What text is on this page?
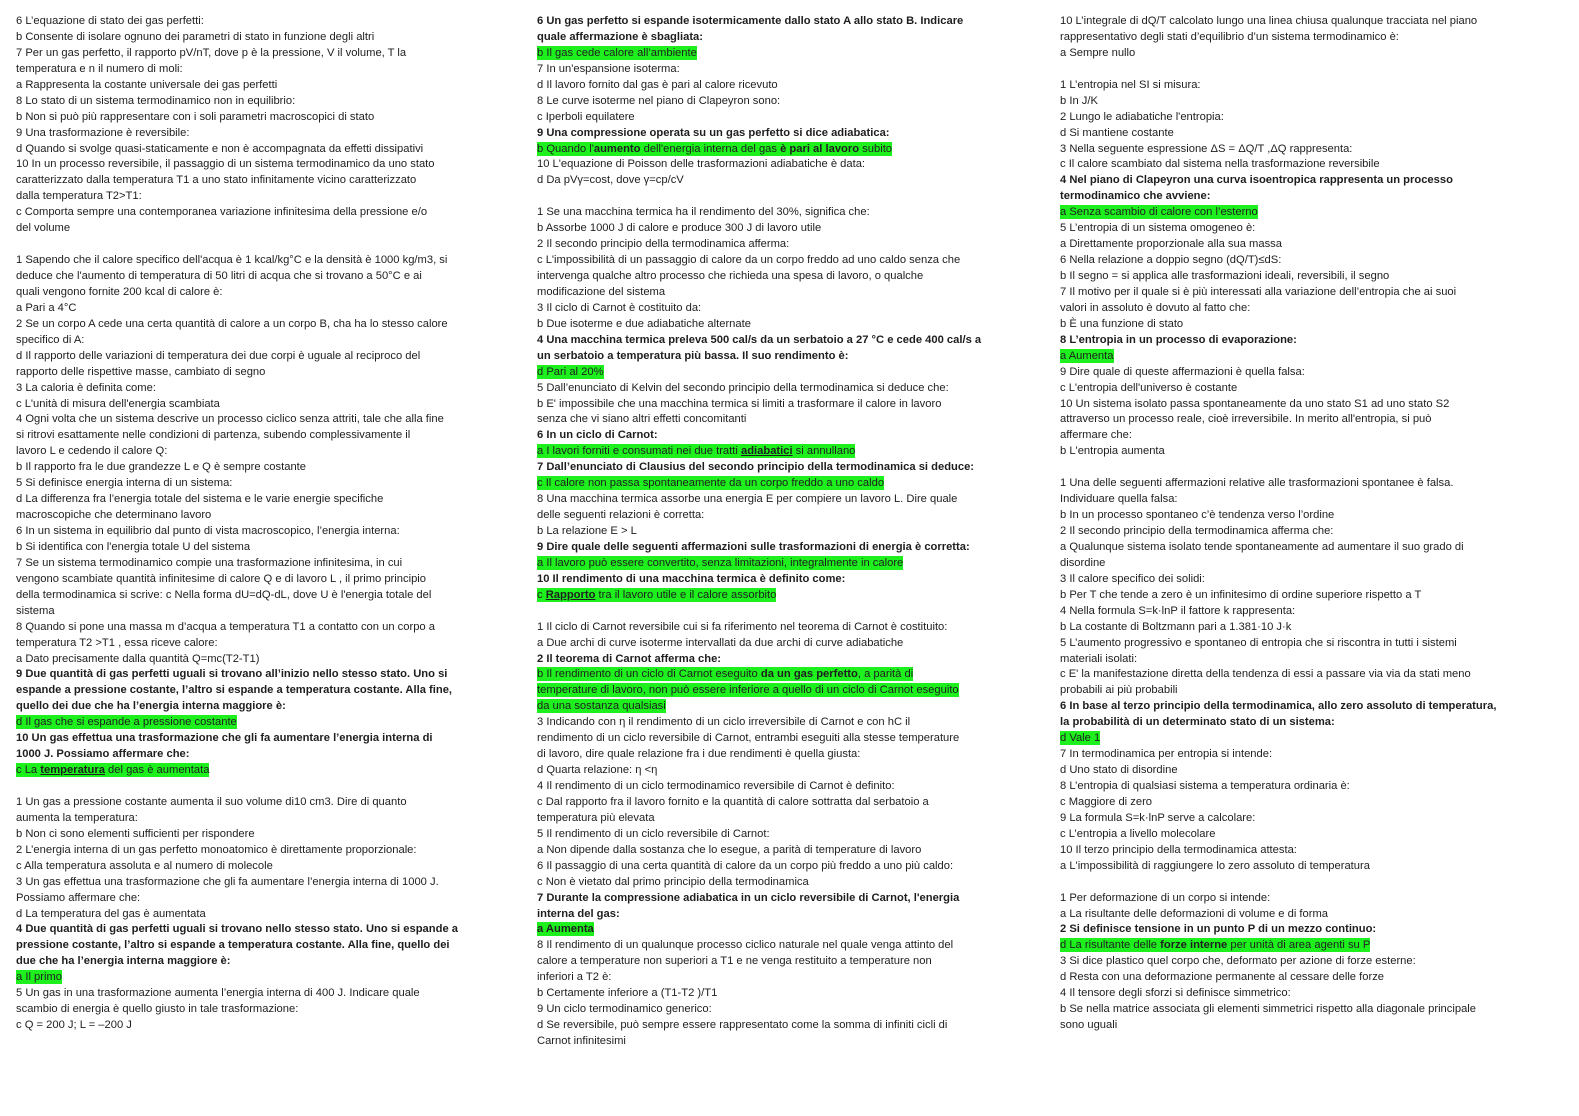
6 L’equazione di stato dei gas perfetti:
b Consente di isolare ognuno dei parametri di stato in funzione degli altri
7 Per un gas perfetto, il rapporto pV/nT, dove p è la pressione, V il volume, T la
temperatura e n il numero di moli:
a Rappresenta la costante universale dei gas perfetti
8 Lo stato di un sistema termodinamico non in equilibrio:
b Non si può più rappresentare con i soli parametri macroscopici di stato
9 Una trasformazione è reversibile:
d Quando si svolge quasi-staticamente e non è accompagnata da effetti dissipativi
10 In un processo reversibile, il passaggio di un sistema termodinamico da uno stato
caratterizzato dalla temperatura T1 a uno stato infinitamente vicino caratterizzato
dalla temperatura T2>T1:
c Comporta sempre una contemporanea variazione infinitesima della pressione e/o
del volume
1 Sapendo che il calore specifico dell'acqua è 1 kcal/kg°C e la densità è 1000 kg/m3, si
deduce che l'aumento di temperatura di 50 litri di acqua che si trovano a 50°C e ai
quali vengono fornite 200 kcal di calore è:
a Pari a 4°C
2 Se un corpo A cede una certa quantità di calore a un corpo B, cha ha lo stesso calore
specifico di A:
d Il rapporto delle variazioni di temperatura dei due corpi è uguale al reciproco del
rapporto delle rispettive masse, cambiato di segno
3 La caloria è definita come:
c L'unità di misura dell'energia scambiata
4 Ogni volta che un sistema descrive un processo ciclico senza attriti, tale che alla fine
si ritrovi esattamente nelle condizioni di partenza, subendo complessivamente il
lavoro L e cedendo il calore Q:
b Il rapporto fra le due grandezze L e Q è sempre costante
5 Si definisce energia interna di un sistema:
d La differenza fra l’energia totale del sistema e le varie energie specifiche
macroscopiche che determinano lavoro
6 In un sistema in equilibrio dal punto di vista macroscopico, l’energia interna:
b Si identifica con l'energia totale U del sistema
7 Se un sistema termodinamico compie una trasformazione infinitesima, in cui
vengono scambiate quantità infinitesime di calore Q e di lavoro L , il primo principio
della termodinamica si scrive: c Nella forma dU=dQ-dL, dove U è l'energia totale del
sistema
8 Quando si pone una massa m d’acqua a temperatura T1 a contatto con un corpo a
temperatura T2 >T1 , essa riceve calore:
a Dato precisamente dalla quantità Q=mc(T2-T1)
9 Due quantità di gas perfetti uguali si trovano all’inizio nello stesso stato. Uno si
espande a pressione costante, l’altro si espande a temperatura costante. Alla fine,
quello dei due che ha l’energia interna maggiore è:
d Il gas che si espande a pressione costante
10 Un gas effettua una trasformazione che gli fa aumentare l’energia interna di
1000 J. Possiamo affermare che:
c La temperatura del gas è aumentata
1 Un gas a pressione costante aumenta il suo volume di10 cm3. Dire di quanto
aumenta la temperatura:
b Non ci sono elementi sufficienti per rispondere
2 L’energia interna di un gas perfetto monoatomico è direttamente proporzionale:
c Alla temperatura assoluta e al numero di molecole
3 Un gas effettua una trasformazione che gli fa aumentare l’energia interna di 1000 J.
Possiamo affermare che:
d La temperatura del gas è aumentata
4 Due quantità di gas perfetti uguali si trovano nello stesso stato. Uno si espande a
pressione costante, l’altro si espande a temperatura costante. Alla fine, quello dei
due che ha l’energia interna maggiore è:
a Il primo
5 Un gas in una trasformazione aumenta l’energia interna di 400 J. Indicare quale
scambio di energia è quello giusto in tale trasformazione:
c Q = 200 J; L = –200 J
6 Un gas perfetto si espande isotermicamente dallo stato A allo stato B. Indicare
quale affermazione è sbagliata:
b Il gas cede calore all’ambiente
7 In un'espansione isoterma:
d Il lavoro fornito dal gas è pari al calore ricevuto
8 Le curve isoterme nel piano di Clapeyron sono:
c Iperboli equilatere
9 Una compressione operata su un gas perfetto si dice adiabatica:
b Quando l'aumento dell'energia interna del gas è pari al lavoro subito
10 L'equazione di Poisson delle trasformazioni adiabatiche è data:
d Da pVγ=cost, dove γ=cp/cV
1 Se una macchina termica ha il rendimento del 30%, significa che:
b Assorbe 1000 J di calore e produce 300 J di lavoro utile
2 Il secondo principio della termodinamica afferma:
c L'impossibilità di un passaggio di calore da un corpo freddo ad uno caldo senza che
intervenga qualche altro processo che richieda una spesa di lavoro, o qualche
modificazione del sistema
3 Il ciclo di Carnot è costituito da:
b Due isoterme e due adiabatiche alternate
4 Una macchina termica preleva 500 cal/s da un serbatoio a 27 °C e cede 400 cal/s a
un serbatoio a temperatura più bassa. Il suo rendimento è:
d Pari al 20%
5 Dall’enunciato di Kelvin del secondo principio della termodinamica si deduce che:
b E' impossibile che una macchina termica si limiti a trasformare il calore in lavoro
senza che vi siano altri effetti concomitanti
6 In un ciclo di Carnot:
a I lavori forniti e consumati nei due tratti adiabatici si annullano
7 Dall’enunciato di Clausius del secondo principio della termodinamica si deduce:
c Il calore non passa spontaneamente da un corpo freddo a uno caldo
8 Una macchina termica assorbe una energia E per compiere un lavoro L. Dire quale
delle seguenti relazioni è corretta:
b La relazione E > L
9 Dire quale delle seguenti affermazioni sulle trasformazioni di energia è corretta:
a Il lavoro può essere convertito, senza limitazioni, integralmente in calore
10 Il rendimento di una macchina termica è definito come:
c Rapporto tra il lavoro utile e il calore assorbito
1 Il ciclo di Carnot reversibile cui si fa riferimento nel teorema di Carnot è costituito:
a Due archi di curve isoterme intervallati da due archi di curve adiabatiche
2 Il teorema di Carnot afferma che:
b Il rendimento di un ciclo di Carnot eseguito da un gas perfetto, a parità di
temperature di lavoro, non può essere inferiore a quello di un ciclo di Carnot eseguito
da una sostanza qualsiasi
3 Indicando con η il rendimento di un ciclo irreversibile di Carnot e con hC il
rendimento di un ciclo reversibile di Carnot, entrambi eseguiti alla stesse temperature
di lavoro, dire quale relazione fra i due rendimenti è quella giusta:
d Quarta relazione: η <η
4 Il rendimento di un ciclo termodinamico reversibile di Carnot è definito:
c Dal rapporto fra il lavoro fornito e la quantità di calore sottratta dal serbatoio a
temperatura più elevata
5 Il rendimento di un ciclo reversibile di Carnot:
a Non dipende dalla sostanza che lo esegue, a parità di temperature di lavoro
6 Il passaggio di una certa quantità di calore da un corpo più freddo a uno più caldo:
c Non è vietato dal primo principio della termodinamica
7 Durante la compressione adiabatica in un ciclo reversibile di Carnot, l'energia
interna del gas:
a Aumenta
8 Il rendimento di un qualunque processo ciclico naturale nel quale venga attinto del
calore a temperature non superiori a T1 e ne venga restituito a temperature non
inferiori a T2 è:
b Certamente inferiore a (T1-T2 )/T1
9 Un ciclo termodinamico generico:
d Se reversibile, può sempre essere rappresentato come la somma di infiniti cicli di
Carnot infinitesimi
10 L’integrale di dQ/T calcolato lungo una linea chiusa qualunque tracciata nel piano
rappresentativo degli stati d’equilibrio d’un sistema termodinamico è:
a Sempre nullo
1 L’entropia nel SI si misura:
b In J/K
2 Lungo le adiabatiche l'entropia:
d Si mantiene costante
3 Nella seguente espressione ΔS = ΔQ/T ,ΔQ rappresenta:
c Il calore scambiato dal sistema nella trasformazione reversibile
4 Nel piano di Clapeyron una curva isoentropica rappresenta un processo
termodinamico che avviene:
a Senza scambio di calore con l’esterno
5 L’entropia di un sistema omogeneo è:
a Direttamente proporzionale alla sua massa
6 Nella relazione a doppio segno (dQ/T)≤dS:
b Il segno = si applica alle trasformazioni ideali, reversibili, il segno
7 Il motivo per il quale si è più interessati alla variazione dell’entropia che ai suoi
valori in assoluto è dovuto al fatto che:
b È una funzione di stato
8 L’entropia in un processo di evaporazione:
a Aumenta
9 Dire quale di queste affermazioni è quella falsa:
c L'entropia dell'universo è costante
10 Un sistema isolato passa spontaneamente da uno stato S1 ad uno stato S2
attraverso un processo reale, cioè irreversibile. In merito all'entropia, si può
affermare che:
b L'entropia aumenta
1 Una delle seguenti affermazioni relative alle trasformazioni spontanee è falsa.
Individuare quella falsa:
b In un processo spontaneo c’è tendenza verso l’ordine
2 Il secondo principio della termodinamica afferma che:
a Qualunque sistema isolato tende spontaneamente ad aumentare il suo grado di
disordine
3 Il calore specifico dei solidi:
b Per T che tende a zero è un infinitesimo di ordine superiore rispetto a T
4 Nella formula S=k·lnP il fattore k rappresenta:
b La costante di Boltzmann pari a 1.381·10 J·k
5 L’aumento progressivo e spontaneo di entropia che si riscontra in tutti i sistemi
materiali isolati:
c E' la manifestazione diretta della tendenza di essi a passare via via da stati meno
probabili ai più probabili
6 In base al terzo principio della termodinamica, allo zero assoluto di temperatura,
la probabilità di un determinato stato di un sistema:
d Vale 1
7 In termodinamica per entropia si intende:
d Uno stato di disordine
8 L’entropia di qualsiasi sistema a temperatura ordinaria è:
c Maggiore di zero
9 La formula S=k·lnP serve a calcolare:
c L’entropia a livello molecolare
10 Il terzo principio della termodinamica attesta:
a L'impossibilità di raggiungere lo zero assoluto di temperatura
1 Per deformazione di un corpo si intende:
a La risultante delle deformazioni di volume e di forma
2 Si definisce tensione in un punto P di un mezzo continuo:
d La risultante delle forze interne per unità di area agenti su P
3 Si dice plastico quel corpo che, deformato per azione di forze esterne:
d Resta con una deformazione permanente al cessare delle forze
4 Il tensore degli sforzi si definisce simmetrico:
b Se nella matrice associata gli elementi simmetrici rispetto alla diagonale principale
sono uguali
